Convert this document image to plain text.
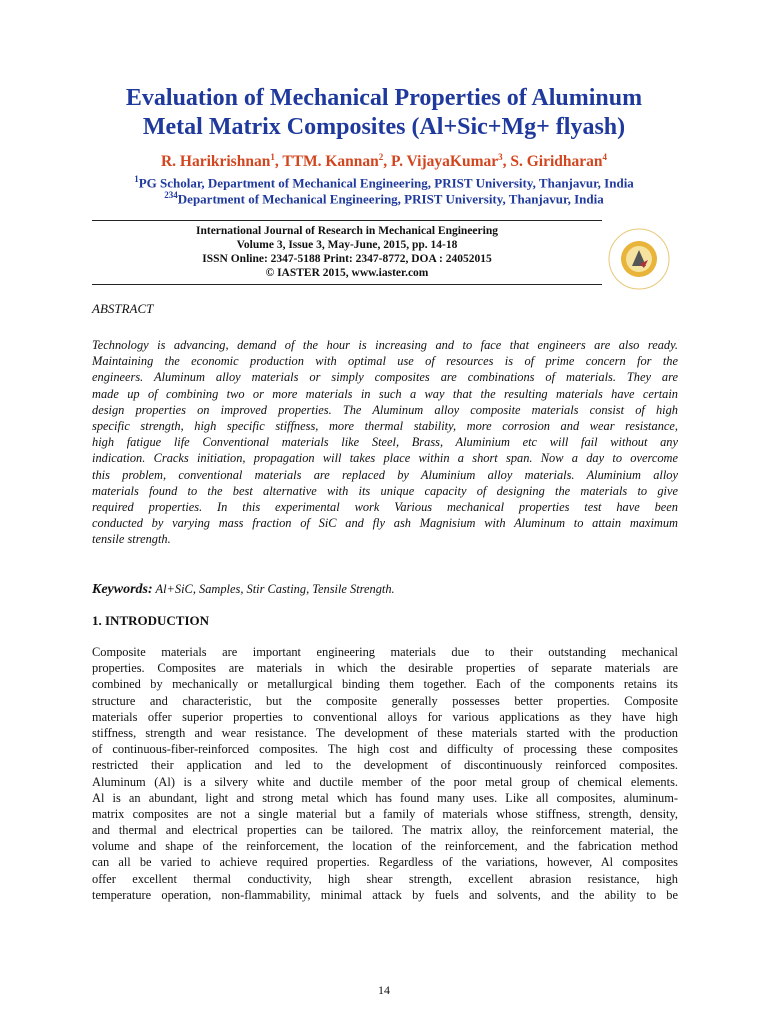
Evaluation of Mechanical Properties of Aluminum
Metal Matrix Composites (Al+Sic+Mg+ flyash)
R. Harikrishnan$^1$, TTM. Kannan$^2$, P. VijayaKumar$^3$, S. Giridharan$^4$
$^1$PG Scholar, Department of Mechanical Engineering, PRIST University, Thanjavur, India
$^{234}$Department of Mechanical Engineering, PRIST University, Thanjavur, India
International Journal of Research in Mechanical Engineering
Volume 3, Issue 3, May-June, 2015, pp. 14-18
ISSN Online: 2347-5188 Print: 2347-8772, DOA : 24052015
© IASTER 2015, www.iaster.com
ABSTRACT
Technology is advancing, demand of the hour is increasing and to face that engineers are also ready.
Maintaining the economic production with optimal use of resources is of prime concern for the
engineers. Aluminum alloy materials or simply composites are combinations of materials. They are
made up of combining two or more materials in such a way that the resulting materials have certain
design properties on improved properties. The Aluminum alloy composite materials consist of high
specific strength, high specific stiffness, more thermal stability, more corrosion and wear resistance,
high fatigue life Conventional materials like Steel, Brass, Aluminium etc will fail without any
indication. Cracks initiation, propagation will takes place within a short span. Now a day to overcome
this problem, conventional materials are replaced by Aluminium alloy materials. Aluminium alloy
materials found to the best alternative with its unique capacity of designing the materials to give
required properties. In this experimental work Various mechanical properties test have been
conducted by varying mass fraction of SiC and fly ash Magnisium with Aluminum to attain maximum
tensile strength.
Keywords: Al+SiC, Samples, Stir Casting, Tensile Strength.
1. INTRODUCTION
Composite materials are important engineering materials due to their outstanding mechanical
properties. Composites are materials in which the desirable properties of separate materials are
combined by mechanically or metallurgical binding them together. Each of the components retains its
structure and characteristic, but the composite generally possesses better properties. Composite
materials offer superior properties to conventional alloys for various applications as they have high
stiffness, strength and wear resistance. The development of these materials started with the production
of continuous-fiber-reinforced composites. The high cost and difficulty of processing these composites
restricted their application and led to the development of discontinuously reinforced composites.
Aluminum (Al) is a silvery white and ductile member of the poor metal group of chemical elements.
Al is an abundant, light and strong metal which has found many uses. Like all composites, aluminum-
matrix composites are not a single material but a family of materials whose stiffness, strength, density,
and thermal and electrical properties can be tailored. The matrix alloy, the reinforcement material, the
volume and shape of the reinforcement, the location of the reinforcement, and the fabrication method
can all be varied to achieve required properties. Regardless of the variations, however, Al composites
offer excellent thermal conductivity, high shear strength, excellent abrasion resistance, high
temperature operation, non-flammability, minimal attack by fuels and solvents, and the ability to be
14
